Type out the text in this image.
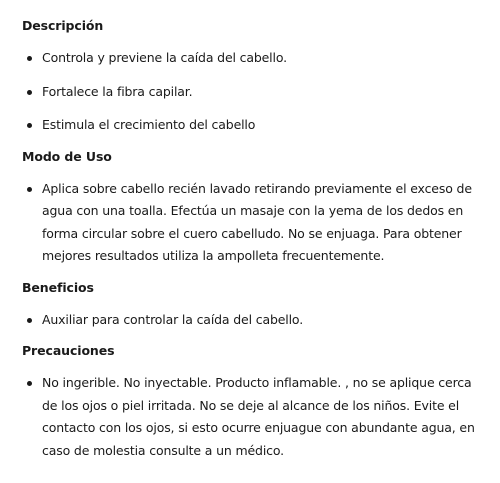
Descripción
Controla y previene la caída del cabello.
Fortalece la fibra capilar.
Estimula el crecimiento del cabello
Modo de Uso
Aplica sobre cabello recién lavado retirando previamente el exceso de agua con una toalla. Efectúa un masaje con la yema de los dedos en forma circular sobre el cuero cabelludo. No se enjuaga. Para obtener mejores resultados utiliza la ampolleta frecuentemente.
Beneficios
Auxiliar para controlar la caída del cabello.
Precauciones
No ingerible. No inyectable. Producto inflamable. , no se aplique cerca de los ojos o piel irritada. No se deje al alcance de los niños. Evite el contacto con los ojos, si esto ocurre enjuague con abundante agua, en caso de molestia consulte a un médico.
